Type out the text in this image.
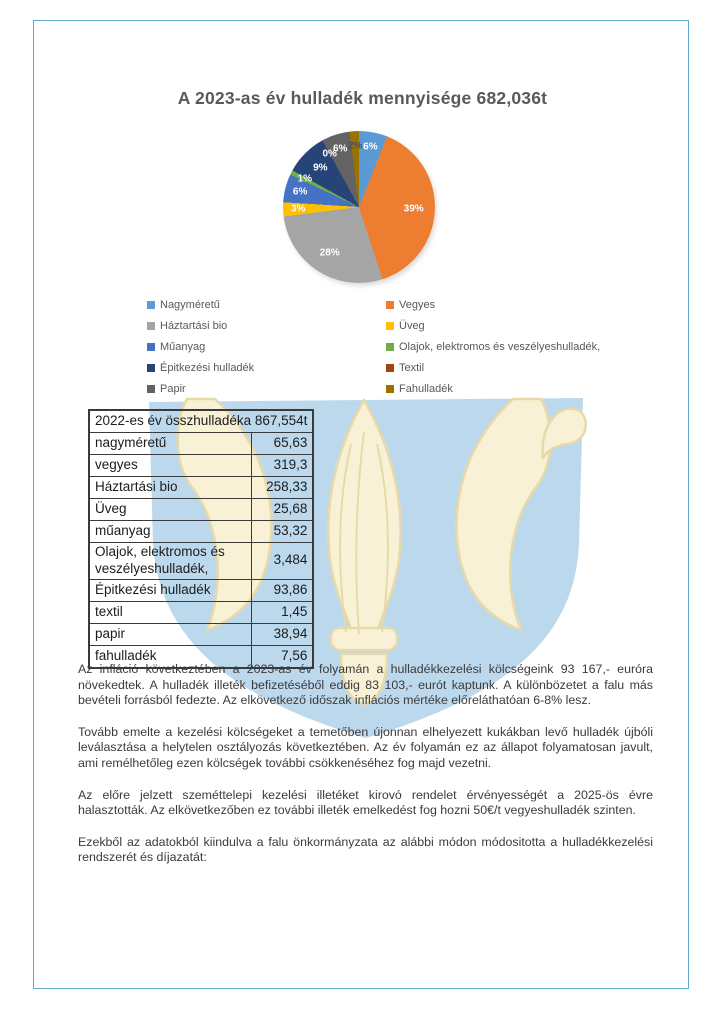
A 2023-as év hulladék mennyisége 682,036t
Nagyméretű
Háztartási bio
Műanyag
Épitkezési hulladék
Papir
Vegyes
Üveg
Olajok, elektromos és veszélyeshulladék,
Textil
Fahulladék
2022-es év összhulladéka 867,554t	
nagyméretű	65,63
vegyes	319,3
Háztartási bio	258,33
Üveg	25,68
műanyag	53,32
Olajok, elektromos és veszélyeshulladék,	3,484
Épitkezési hulladék	93,86
textil	1,45
papir	38,94
fahulladék	7,56

Az infláció következtében a 2023-as év folyamán a hulladékkezelési kölcségeink 93 167,- euróra növekedtek. A hulladék illeték befizetéséből eddig 83 103,- eurót kaptunk. A különbözetet a falu más bevételi forrásból fedezte. Az elkövetkező időszak inflációs mértéke előreláthatóan 6-8% lesz.

Tovább emelte a kezelési kölcségeket a temetőben újonnan elhelyezett kukákban levő hulladék újbóli leválasztása a helytelen osztályozás következtében. Az év folyamán ez az állapot folyamatosan javult, ami remélhetőleg ezen kölcségek további csökkenéséhez fog majd vezetni.

Az előre jelzett szeméttelepi kezelési illetéket kirovó rendelet érvényességét a 2025-ös évre halasztották. Az elkövetkezőben ez további illeték emelkedést fog hozni 50€/t vegyeshulladék szinten.

Ezekből az adatokból kiindulva a falu önkormányzata az alábbi módon módositotta a hulladékkezelési rendszerét és díjazatát:

6%
39%
28%
3%
6%
1%
9%
0%
6% 2%
